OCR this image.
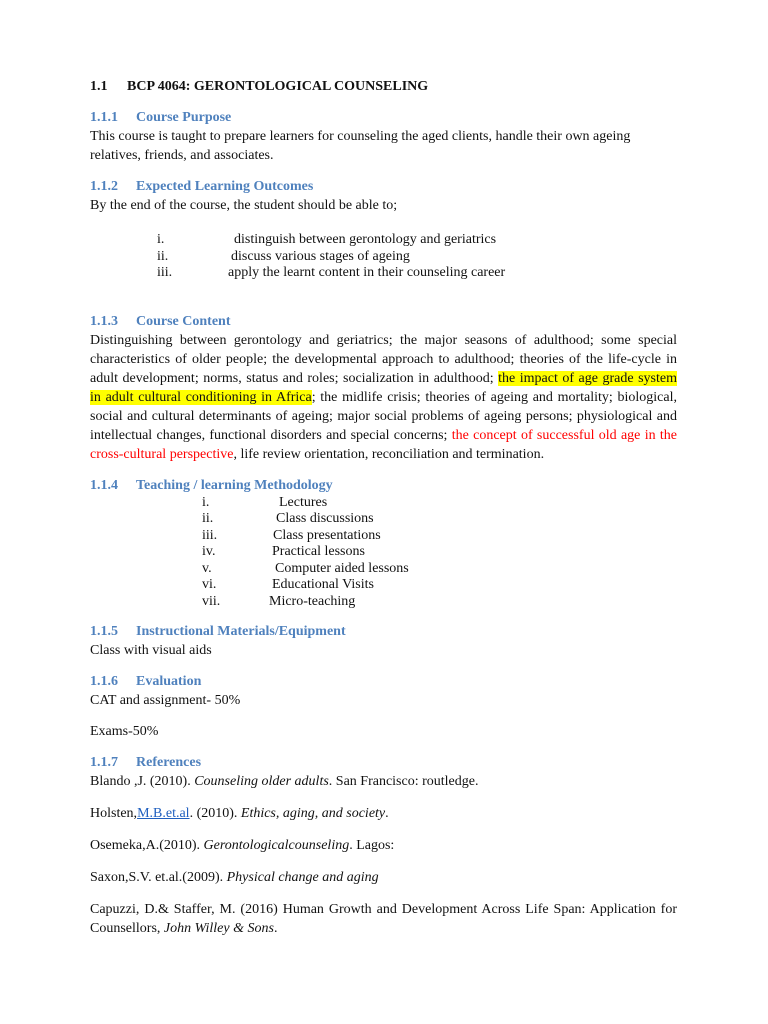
1.1 BCP 4064: GERONTOLOGICAL COUNSELING
1.1.1 Course Purpose

This course is taught to prepare learners for counseling the aged clients, handle their own ageing relatives, friends, and associates.

1.1.2 Expected Learning Outcomes

By the end of the course, the student should be able to;

i.	distinguish between gerontology and geriatrics
ii.	discuss various stages of ageing
iii.	apply the learnt content in their counseling career
1.1.3 Course Content

Distinguishing between gerontology and geriatrics; the major seasons of adulthood; some special characteristics of older people; the developmental approach to adulthood; theories of the life-cycle in adult development; norms, status and roles; socialization in adulthood; the impact of age grade system in adult cultural conditioning in Africa; the midlife crisis; theories of ageing and mortality; biological, social and cultural determinants of ageing; major social problems of ageing persons; physiological and intellectual changes, functional disorders and special concerns; the concept of successful old age in the cross-cultural perspective, life review orientation, reconciliation and termination.

1.1.4 Teaching / learning Methodology
i.	Lectures
ii.	Class discussions
iii.	Class presentations
iv.	Practical lessons
v.	Computer aided lessons
vi.	Educational Visits
vii.	Micro-teaching
1.1.5 Instructional Materials/Equipment

Class with visual aids

1.1.6 Evaluation

CAT and assignment- 50%

Exams-50%

1.1.7 References

Blando ,J. (2010). Counseling older adults. San Francisco: routledge.

Holsten,M.B.et.al. (2010). Ethics, aging, and society.

Osemeka,A.(2010). Gerontologicalcounseling. Lagos:

Saxon,S.V. et.al.(2009). Physical change and aging

Capuzzi, D.& Staffer, M. (2016) Human Growth and Development Across Life Span: Application for Counsellors, John Willey & Sons.
